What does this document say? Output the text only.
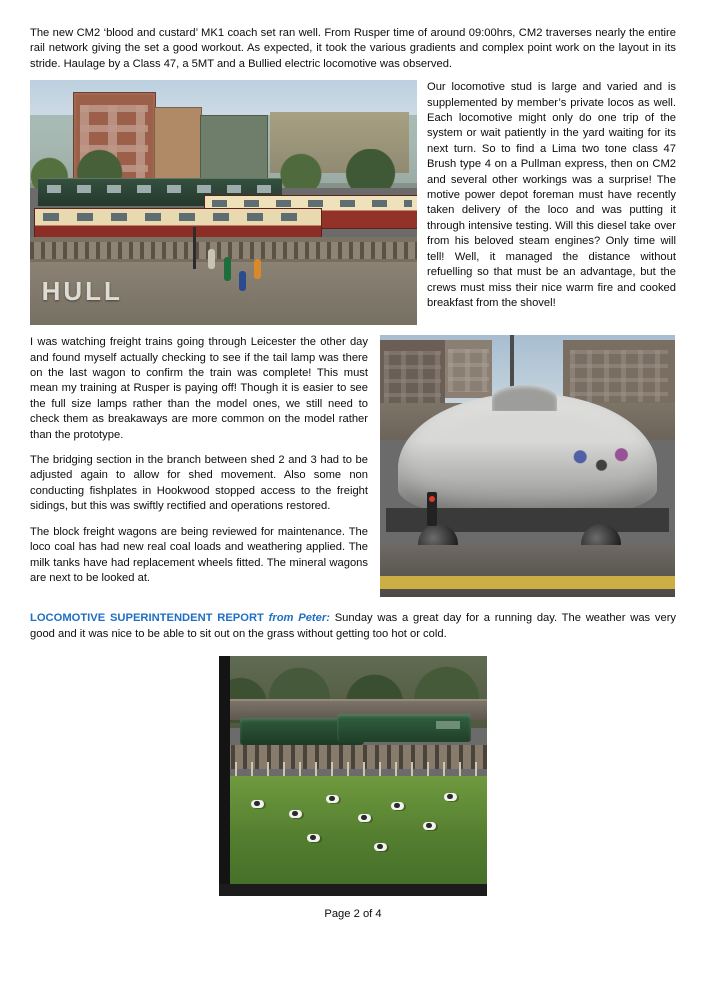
The new CM2 ‘blood and custard’ MK1 coach set ran well. From Rusper time of around 09:00hrs, CM2 traverses nearly the entire rail network giving the set a good workout. As expected, it took the various gradients and complex point work on the layout in its stride. Haulage by a Class 47, a 5MT and a Bullied electric locomotive was observed.

HULL

Our locomotive stud is large and varied and is supplemented by member’s private locos as well. Each locomotive might only do one trip of the system or wait patiently in the yard waiting for its next turn. So to find a Lima two tone class 47 Brush type 4 on a Pullman express, then on CM2 and several other workings was a surprise! The motive power depot foreman must have recently taken delivery of the loco and was putting it through intensive testing. Will this diesel take over from his beloved steam engines? Only time will tell! Well, it managed the distance without refuelling so that must be an advantage, but the crews must miss their nice warm fire and cooked breakfast from the shovel!

I was watching freight trains going through Leicester the other day and found myself actually checking to see if the tail lamp was there on the last wagon to confirm the train was complete! This must mean my training at Rusper is paying off! Though it is easier to see the full size lamps rather than the model ones, we still need to check them as breakaways are more common on the model rather than the prototype.

The bridging section in the branch between shed 2 and 3 had to be adjusted again to allow for shed movement. Also some non conducting fishplates in Hookwood stopped access to the freight sidings, but this was swiftly rectified and operations restored.

The block freight wagons are being reviewed for maintenance. The loco coal has had new real coal loads and weathering applied. The milk tanks have had replacement wheels fitted. The mineral wagons are next to be looked at.

LOCOMOTIVE SUPERINTENDENT REPORT from Peter: Sunday was a great day for a running day. The weather was very good and it was nice to be able to sit out on the grass without getting too hot or cold.
Page 2 of 4
